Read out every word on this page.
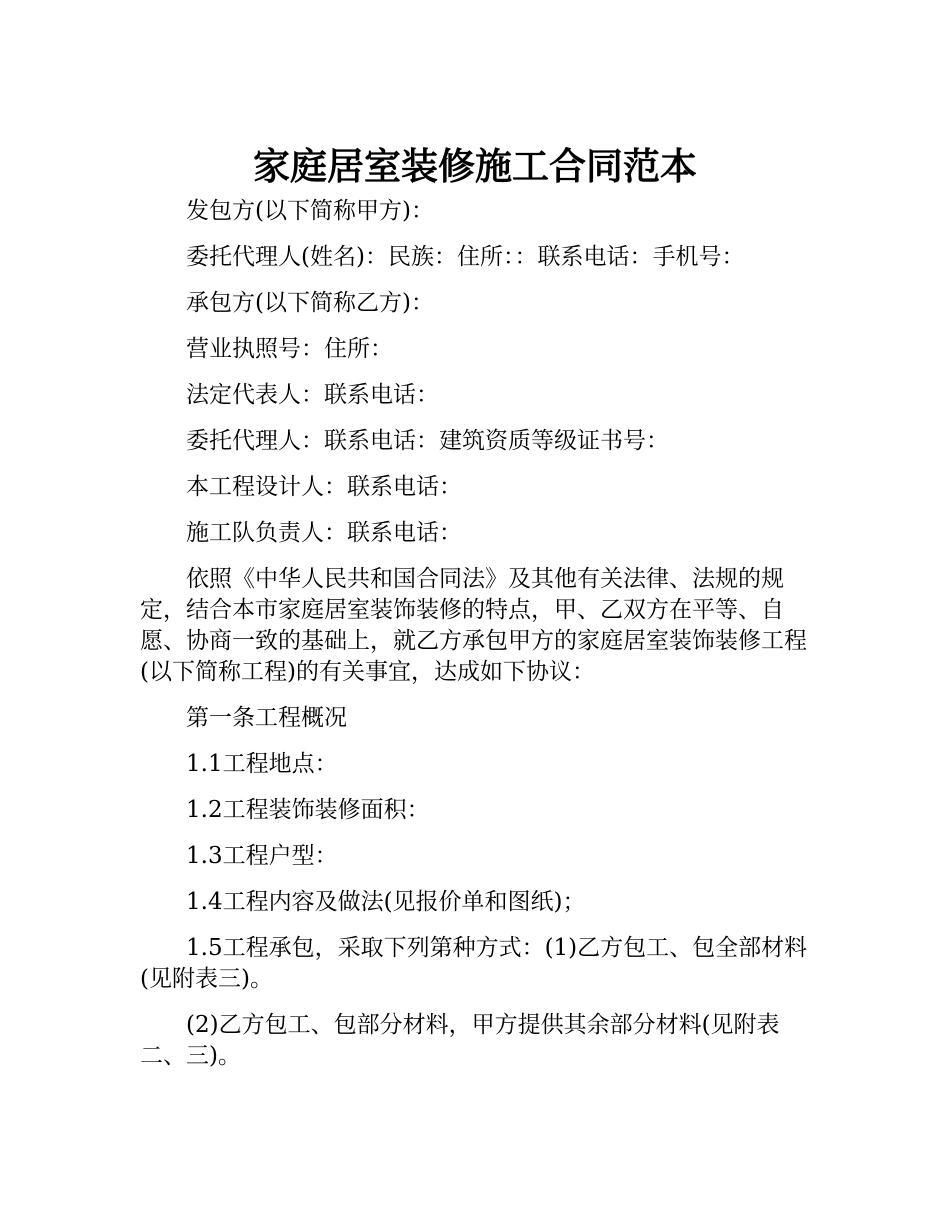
家庭居室装修施工合同范本

发包方(以下简称甲方)：

委托代理人(姓名)：民族：住所：：联系电话：手机号：

承包方(以下简称乙方)：

营业执照号：住所：

法定代表人：联系电话：

委托代理人：联系电话：建筑资质等级证书号：

本工程设计人：联系电话：

施工队负责人：联系电话：

依照《中华人民共和国合同法》及其他有关法律、法规的规定，结合本市家庭居室装饰装修的特点，甲、乙双方在平等、自愿、协商一致的基础上，就乙方承包甲方的家庭居室装饰装修工程(以下简称工程)的有关事宜，达成如下协议：

第一条工程概况

1.1工程地点：

1.2工程装饰装修面积：

1.3工程户型：

1.4工程内容及做法(见报价单和图纸)；

1.5工程承包，采取下列第种方式：(1)乙方包工、包全部材料(见附表三)。

(2)乙方包工、包部分材料，甲方提供其余部分材料(见附表二、三)。
